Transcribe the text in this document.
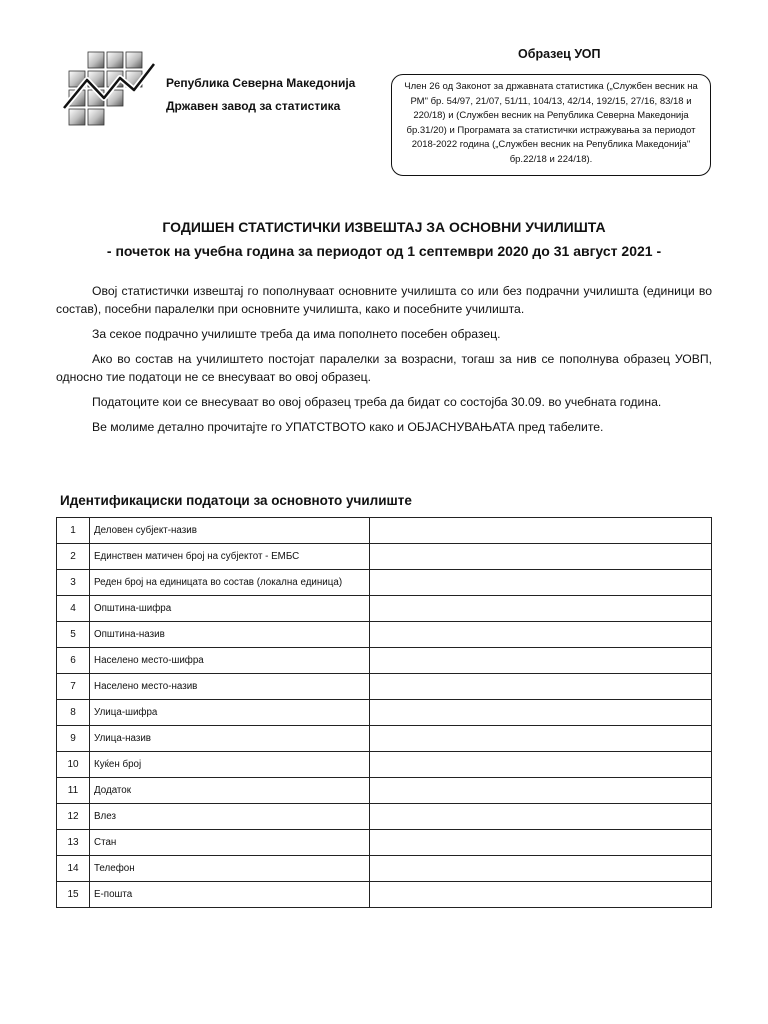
Република Северна Македонија
Државен завод за статистика
Образец УОП
Член 26 од Законот за државната статистика („Службен весник на РМ" бр. 54/97, 21/07, 51/11, 104/13, 42/14, 192/15, 27/16, 83/18 и 220/18) и (Службен весник на Република Северна Македонија бр.31/20) и Програмата за статистички истражувања за периодот 2018-2022 година („Службен весник на Република Македонија" бр.22/18 и 224/18).
ГОДИШЕН СТАТИСТИЧКИ ИЗВЕШТАЈ ЗА ОСНОВНИ УЧИЛИШТА
- почеток на учебна година за периодот од 1 септември 2020 до 31 август 2021 -

Овој статистички извештај го пополнуваат основните училишта со или без подрачни училишта (единици во состав), посебни паралелки при основните училишта, како и посебните училишта.

За секое подрачно училиште треба да има пополнето посебен образец.

Ако во состав на училиштето постојат паралелки за возрасни, тогаш за нив се пополнува образец УОВП, односно тие податоци не се внесуваат во овој образец.

Податоците кои се внесуваат во овој образец треба да бидат со состојба 30.09. во учебната година.

Ве молиме детално прочитајте го УПАТСТВОТО како и ОБЈАСНУВАЊАТА пред табелите.

Идентификациски податоци за основното училиште
1	Деловен субјект-назив	
2	Единствен матичен број на субјектот - ЕМБС	
3	Реден број на единицата во состав (локална единица)	
4	Општина-шифра	
5	Општина-назив	
6	Населено место-шифра	
7	Населено место-назив	
8	Улица-шифра	
9	Улица-назив	
10	Куќен број	
11	Додаток	
12	Влез	
13	Стан	
14	Телефон	
15	Е-пошта	
